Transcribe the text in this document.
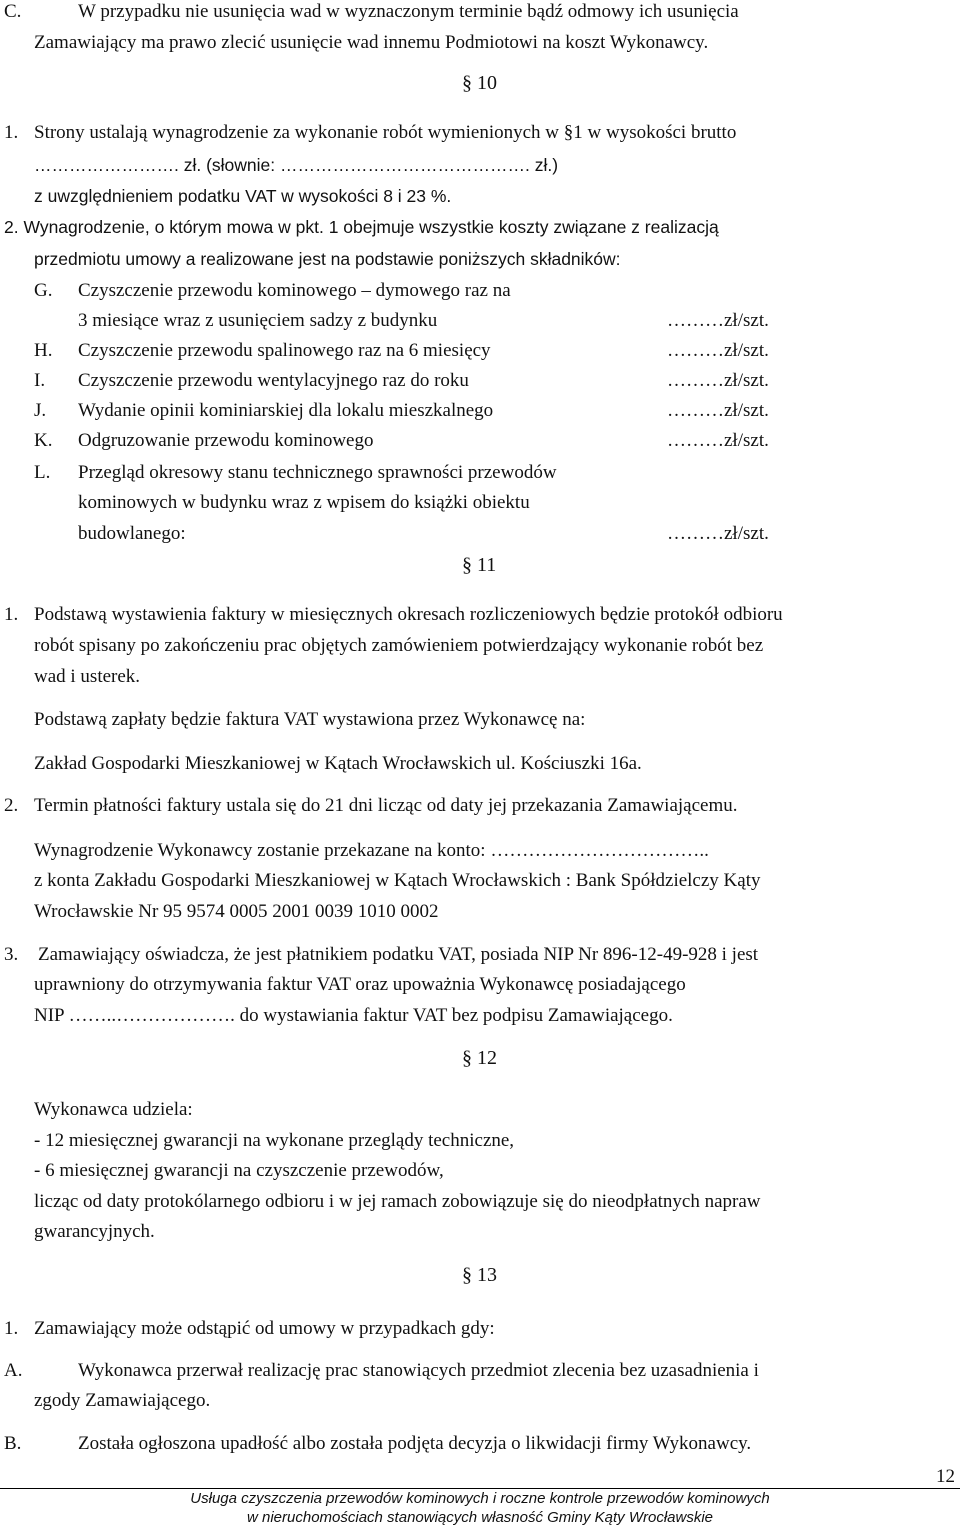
C.	W przypadku nie usunięcia wad w wyznaczonym terminie bądź odmowy ich usunięcia
Zamawiający ma prawo zlecić usunięcie wad innemu Podmiotowi na koszt Wykonawcy.
§ 10
1. Strony ustalają wynagrodzenie za wykonanie robót wymienionych w §1 w wysokości brutto
……………………. zł. (słownie: ……………………………………. zł.)
z uwzględnieniem podatku VAT w wysokości 8 i 23 %.
2. Wynagrodzenie, o którym mowa w pkt. 1 obejmuje wszystkie koszty związane z realizacją
przedmiotu umowy a realizowane jest na podstawie poniższych składników:
G. Czyszczenie przewodu kominowego – dymowego raz na
3 miesiące wraz z usunięciem sadzy z budynku	………zł/szt.
H. Czyszczenie przewodu spalinowego raz na 6 miesięcy	………zł/szt.
I. Czyszczenie przewodu wentylacyjnego raz do roku	………zł/szt.
J. Wydanie opinii kominiarskiej dla lokalu mieszkalnego	………zł/szt.
K. Odgruzowanie przewodu kominowego	………zł/szt.
L. Przegląd okresowy stanu technicznego sprawności przewodów
kominowych w budynku wraz z wpisem do książki obiektu
budowlanego:	………zł/szt.
§ 11
1. Podstawą wystawienia faktury w miesięcznych okresach rozliczeniowych będzie protokół odbioru
robót spisany po zakończeniu prac objętych zamówieniem potwierdzający wykonanie robót bez
wad i usterek.
Podstawą zapłaty będzie faktura VAT wystawiona przez Wykonawcę na:
Zakład Gospodarki Mieszkaniowej w Kątach Wrocławskich ul. Kościuszki 16a.
2. Termin płatności faktury ustala się do 21 dni licząc od daty jej przekazania Zamawiającemu.
Wynagrodzenie Wykonawcy zostanie przekazane na konto: ……………………………..
z konta Zakładu Gospodarki Mieszkaniowej w Kątach Wrocławskich : Bank Spółdzielczy Kąty
Wrocławskie Nr 95 9574 0005 2001 0039 1010 0002
3. Zamawiający oświadcza, że jest płatnikiem podatku VAT, posiada NIP Nr 896-12-49-928 i jest
uprawniony do otrzymywania faktur VAT oraz upoważnia Wykonawcę posiadającego
NIP ……..………………. do wystawiania faktur VAT bez podpisu Zamawiającego.
§ 12
Wykonawca udziela:
- 12 miesięcznej gwarancji na wykonane przeglądy techniczne,
- 6 miesięcznej gwarancji na czyszczenie przewodów,
licząc od daty protokólarnego odbioru i w jej ramach zobowiązuje się do nieodpłatnych napraw
gwarancyjnych.
§ 13
1. Zamawiający może odstąpić od umowy w przypadkach gdy:
A.	Wykonawca przerwał realizację prac stanowiących przedmiot zlecenia bez uzasadnienia i
zgody Zamawiającego.
B.	Została ogłoszona upadłość albo została podjęta decyzja o likwidacji firmy Wykonawcy.
12
Usługa czyszczenia przewodów kominowych i roczne kontrole przewodów kominowych
w nieruchomościach stanowiących własność Gminy Kąty Wrocławskie
